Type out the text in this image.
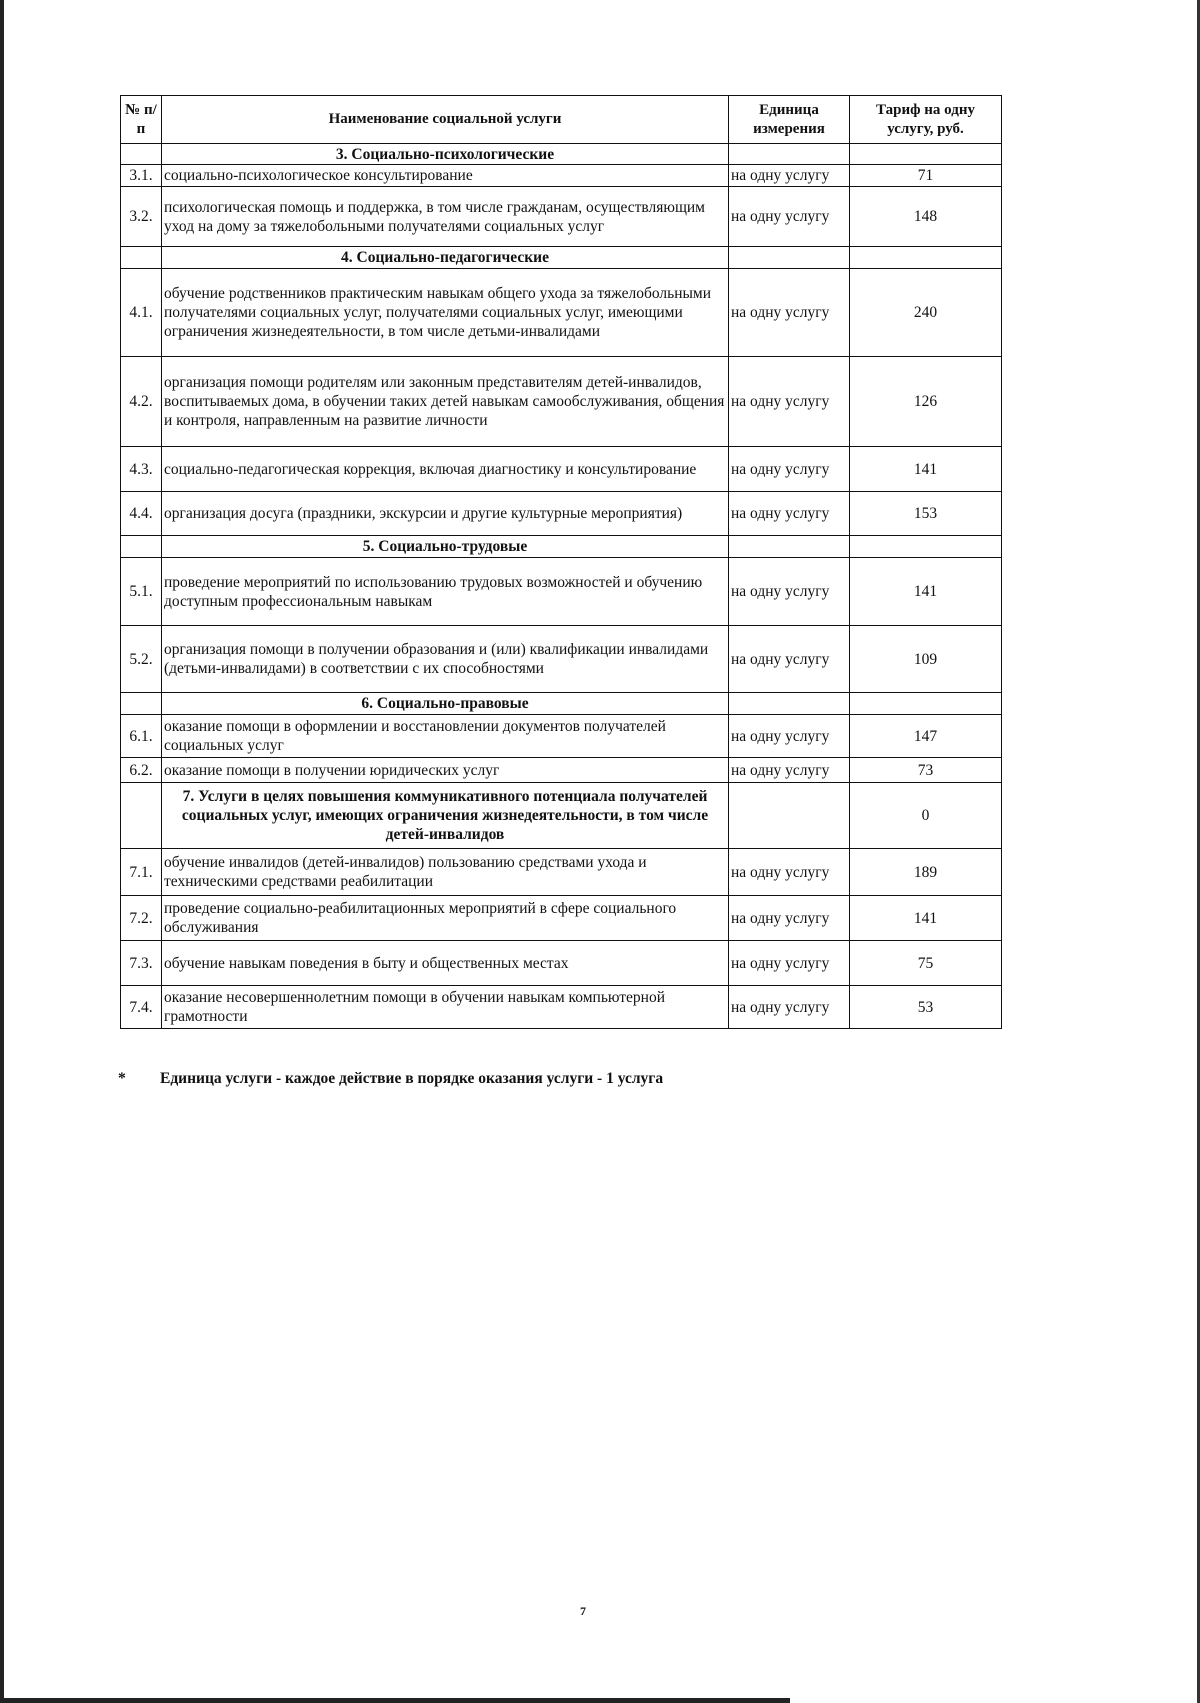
№ п/п	Наименование социальной услуги	Единица измерения	Тариф на одну услугу, руб.
	3. Социально-психологические		
3.1.	социально-психологическое консультирование	на одну услугу	71
3.2.	психологическая помощь и поддержка, в том числе гражданам, осуществляющим уход на дому за тяжелобольными получателями социальных услуг	на одну услугу	148
	4. Социально-педагогические		
4.1.	обучение родственников практическим навыкам общего ухода за тяжелобольными получателями социальных услуг, получателями социальных услуг, имеющими ограничения жизнедеятельности, в том числе детьми-инвалидами	на одну услугу	240
4.2.	организация помощи родителям или законным представителям детей-инвалидов, воспитываемых дома, в обучении таких детей навыкам самообслуживания, общения и контроля, направленным на развитие личности	на одну услугу	126
4.3.	социально-педагогическая коррекция, включая диагностику и консультирование	на одну услугу	141
4.4.	организация досуга (праздники, экскурсии и другие культурные мероприятия)	на одну услугу	153
	5. Социально-трудовые		
5.1.	проведение мероприятий по использованию трудовых возможностей и обучению доступным профессиональным навыкам	на одну услугу	141
5.2.	организация помощи в получении образования и (или) квалификации инвалидами (детьми-инвалидами) в соответствии с их способностями	на одну услугу	109
	6. Социально-правовые		
6.1.	оказание помощи в оформлении и восстановлении документов получателей социальных услуг	на одну услугу	147
6.2.	оказание помощи в получении юридических услуг	на одну услугу	73
	7. Услуги в целях повышения коммуникативного потенциала получателей социальных услуг, имеющих ограничения жизнедеятельности, в том числе детей-инвалидов		0
7.1.	обучение инвалидов (детей-инвалидов) пользованию средствами ухода и техническими средствами реабилитации	на одну услугу	189
7.2.	проведение социально-реабилитационных мероприятий в сфере социального обслуживания	на одну услугу	141
7.3.	обучение навыкам поведения в быту и общественных местах	на одну услугу	75
7.4.	оказание несовершеннолетним помощи в обучении навыкам компьютерной грамотности	на одну услугу	53
* Единица услуги - каждое действие в порядке оказания услуги - 1 услуга
7
